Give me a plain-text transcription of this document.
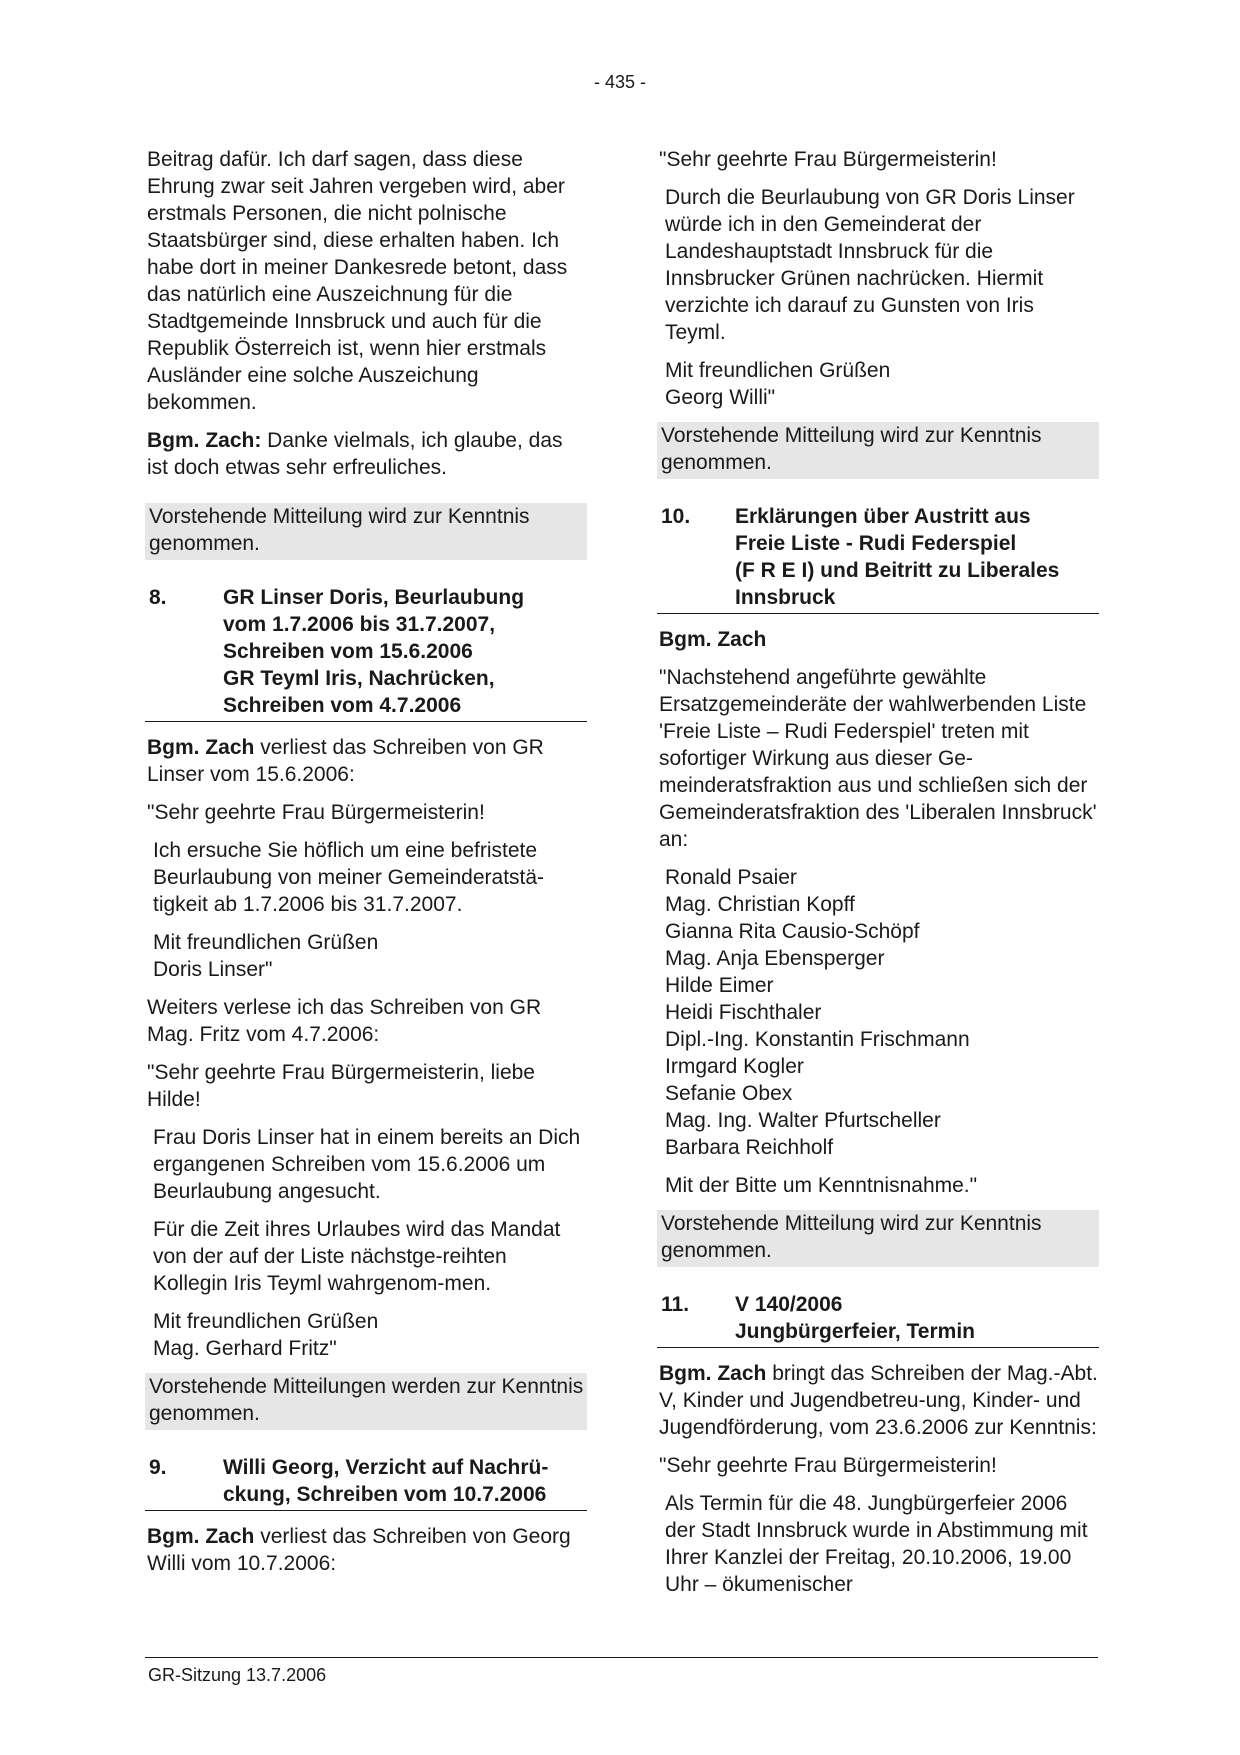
- 435 -

Beitrag dafür. Ich darf sagen, dass diese Ehrung zwar seit Jahren vergeben wird, aber erstmals Personen, die nicht polnische Staatsbürger sind, diese erhalten haben. Ich habe dort in meiner Dankesrede betont, dass das natürlich eine Auszeichnung für die Stadtgemeinde Innsbruck und auch für die Republik Österreich ist, wenn hier erstmals Ausländer eine solche Auszeichung bekommen.

Bgm. Zach: Danke vielmals, ich glaube, das ist doch etwas sehr erfreuliches.

Vorstehende Mitteilung wird zur Kenntnis genommen.
8.	GR Linser Doris, Beurlaubung
vom 1.7.2006 bis 31.7.2007,
Schreiben vom 15.6.2006
GR Teyml Iris, Nachrücken,
Schreiben vom 4.7.2006

Bgm. Zach verliest das Schreiben von GR Linser vom 15.6.2006:

"Sehr geehrte Frau Bürgermeisterin!

Ich ersuche Sie höflich um eine befristete Beurlaubung von meiner Gemeinderatstä-tigkeit ab 1.7.2006 bis 31.7.2007.

Mit freundlichen Grüßen

Doris Linser"

Weiters verlese ich das Schreiben von GR Mag. Fritz vom 4.7.2006:

"Sehr geehrte Frau Bürgermeisterin, liebe Hilde!

Frau Doris Linser hat in einem bereits an Dich ergangenen Schreiben vom 15.6.2006 um Beurlaubung angesucht.

Für die Zeit ihres Urlaubes wird das Mandat von der auf der Liste nächstge-reihten Kollegin Iris Teyml wahrgenom-men.

Mit freundlichen Grüßen

Mag. Gerhard Fritz"

Vorstehende Mitteilungen werden zur Kenntnis genommen.
9.	Willi Georg, Verzicht auf Nachrü-
ckung, Schreiben vom 10.7.2006

Bgm. Zach verliest das Schreiben von Georg Willi vom 10.7.2006:

"Sehr geehrte Frau Bürgermeisterin!

Durch die Beurlaubung von GR Doris Linser würde ich in den Gemeinderat der Landeshauptstadt Innsbruck für die Innsbrucker Grünen nachrücken. Hiermit verzichte ich darauf zu Gunsten von Iris Teyml.

Mit freundlichen Grüßen

Georg Willi"

Vorstehende Mitteilung wird zur Kenntnis genommen.
10.	Erklärungen über Austritt aus
Freie Liste - Rudi Federspiel
(F R E I) und Beitritt zu Liberales
Innsbruck

Bgm. Zach

"Nachstehend angeführte gewählte Ersatzgemeinderäte der wahlwerbenden Liste 'Freie Liste – Rudi Federspiel' treten mit sofortiger Wirkung aus dieser Ge-meinderatsfraktion aus und schließen sich der Gemeinderatsfraktion des 'Liberalen Innsbruck' an:

Ronald Psaier
Mag. Christian Kopff
Gianna Rita Causio-Schöpf
Mag. Anja Ebensperger
Hilde Eimer
Heidi Fischthaler
Dipl.-Ing. Konstantin Frischmann
Irmgard Kogler
Sefanie Obex
Mag. Ing. Walter Pfurtscheller
Barbara Reichholf

Mit der Bitte um Kenntnisnahme."

Vorstehende Mitteilung wird zur Kenntnis genommen.
11.	V 140/2006
Jungbürgerfeier, Termin

Bgm. Zach bringt das Schreiben der Mag.-Abt. V, Kinder und Jugendbetreu-ung, Kinder- und Jugendförderung, vom 23.6.2006 zur Kenntnis:

"Sehr geehrte Frau Bürgermeisterin!

Als Termin für die 48. Jungbürgerfeier 2006 der Stadt Innsbruck wurde in Abstimmung mit Ihrer Kanzlei der Freitag, 20.10.2006, 19.00 Uhr – ökumenischer

GR-Sitzung 13.7.2006
